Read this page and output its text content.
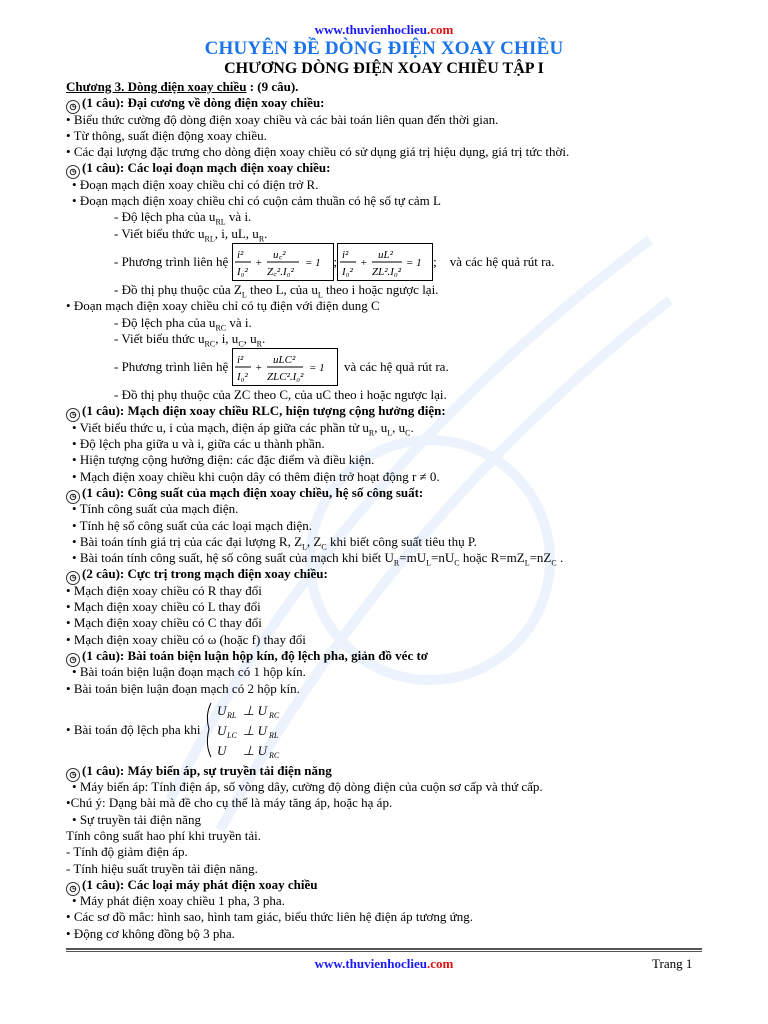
www.thuvienhoclieu.com
CHUYÊN ĐỀ DÒNG ĐIỆN XOAY CHIỀU
CHƯƠNG DÒNG ĐIỆN XOAY CHIỀU TẬP I
Chương 3. Dòng điện xoay chiều : (9 câu).
◷ (1 câu): Đại cương về dòng điện xoay chiều:
• Biểu thức cường độ dòng điện xoay chiều và các bài toán liên quan đến thời gian.
• Từ thông, suất điện động xoay chiều.
• Các đại lượng đặc trưng cho dòng điện xoay chiều có sử dụng giá trị hiệu dụng, giá trị tức thời.
◷ (1 câu): Các loại đoạn mạch điện xoay chiều:
• Đoạn mạch điện xoay chiều chỉ có điện trở R.
• Đoạn mạch điện xoay chiều chỉ có cuộn cảm thuần có hệ số tự cảm L
- Độ lệch pha của $u_{RL}$ và i.
- Viết biểu thức $u_{RL}$, i, uL, $u_R$.
- Phương trình liên hệ
i²
I₀²
+
u꜀²
Z꜀².I₀²
= 1 ; i²
I₀²
+
uL²
ZL².I₀²
= 1 ;
và các hệ quả rút ra.
- Đồ thị phụ thuộc của $Z_L$ theo L, của $u_L$ theo i hoặc ngược lại.
• Đoạn mạch điện xoay chiều chỉ có tụ điện với điện dung C
- Độ lệch pha của $u_{RC}$ và i.
- Viết biểu thức $u_{RC}$, i, $u_C$, $u_R$.
- Phương trình liên hệ
i²
I₀²
+
uLC²
ZLC².I₀²
= 1
và các hệ quả rút ra.
- Đồ thị phụ thuộc của ZC theo C, của uC theo i hoặc ngược lại.
◷ (1 câu): Mạch điện xoay chiều RLC, hiện tượng cộng hưởng điện:
• Viết biểu thức u, i của mạch, điện áp giữa các phần tử $u_R$, $u_L$, $u_C$.
• Độ lệch pha giữa u và i, giữa các u thành phần.
• Hiện tượng cộng hưởng điện: các đặc điểm và điều kiện.
• Mạch điện xoay chiều khi cuộn dây có thêm điện trở hoạt động r ≠ 0.
◷ (1 câu): Công suất của mạch điện xoay chiều, hệ số công suất:
• Tính công suất của mạch điện.
• Tính hệ số công suất của các loại mạch điện.
• Bài toán tính giá trị của các đại lượng R, $Z_L$, $Z_C$ khi biết công suất tiêu thụ P.
• Bài toán tính công suất, hệ số công suất của mạch khi biết $U_R=mU_L=nU_C$ hoặc $R=mZ_L=nZ_C$ .
◷ (2 câu): Cực trị trong mạch điện xoay chiều:
• Mạch điện xoay chiều có R thay đổi
• Mạch điện xoay chiều có L thay đổi
• Mạch điện xoay chiều có C thay đổi
• Mạch điện xoay chiều có ω (hoặc f) thay đổi
◷ (1 câu): Bài toán biện luận hộp kín, độ lệch pha, giản đồ véc tơ
• Bài toán biện luận đoạn mạch có 1 hộp kín.
• Bài toán biện luận đoạn mạch có 2 hộp kín.
• Bài toán độ lệch pha khi
U RL ⊥ U RC
U LC ⊥ U RL
U ⊥ U RC
◷ (1 câu): Máy biến áp, sự truyền tải điện năng
• Máy biến áp: Tính điện áp, số vòng dây, cường độ dòng điện của cuộn sơ cấp và thứ cấp.
•Chú ý: Dạng bài mà đề cho cụ thể là máy tăng áp, hoặc hạ áp.
• Sự truyền tải điện năng
Tính công suất hao phí khi truyền tải.
- Tính độ giảm điện áp.
- Tính hiệu suất truyền tải điện năng.
◷ (1 câu): Các loại máy phát điện xoay chiều
• Máy phát điện xoay chiều 1 pha, 3 pha.
• Các sơ đồ mắc: hình sao, hình tam giác, biểu thức liên hệ điện áp tương ứng.
• Động cơ không đồng bộ 3 pha.
www.thuvienhoclieu.com	Trang 1
